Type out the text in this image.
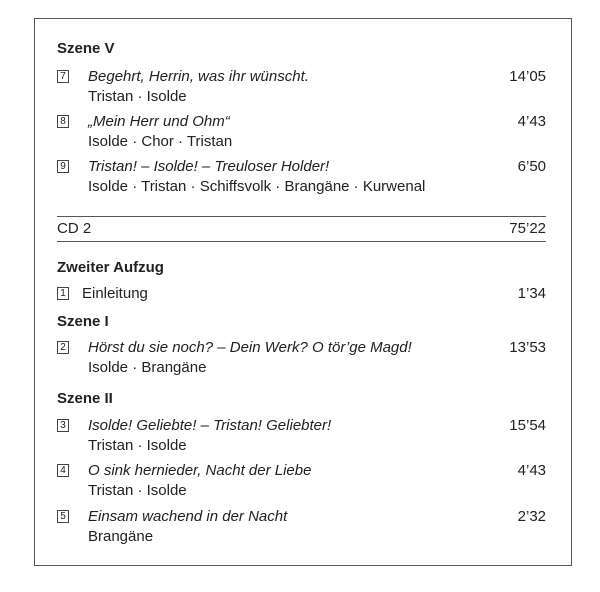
Szene V
7 Begehrt, Herrin, was ihr wünscht.	14’05
Tristan · Isolde
8 „Mein Herr und Ohm“	4’43
Isolde · Chor · Tristan
9 Tristan! – Isolde! – Treuloser Holder!	6’50
Isolde · Tristan · Schiffsvolk · Brangäne · Kurwenal
CD 2	75’22
Zweiter Aufzug
1 Einleitung	1’34
Szene I
2 Hörst du sie noch? – Dein Werk? O tör’ge Magd!	13’53
Isolde · Brangäne
Szene II
3 Isolde! Geliebte! – Tristan! Geliebter!	15’54
Tristan · Isolde
4 O sink hernieder, Nacht der Liebe	4’43
Tristan · Isolde
5 Einsam wachend in der Nacht	2’32
Brangäne
